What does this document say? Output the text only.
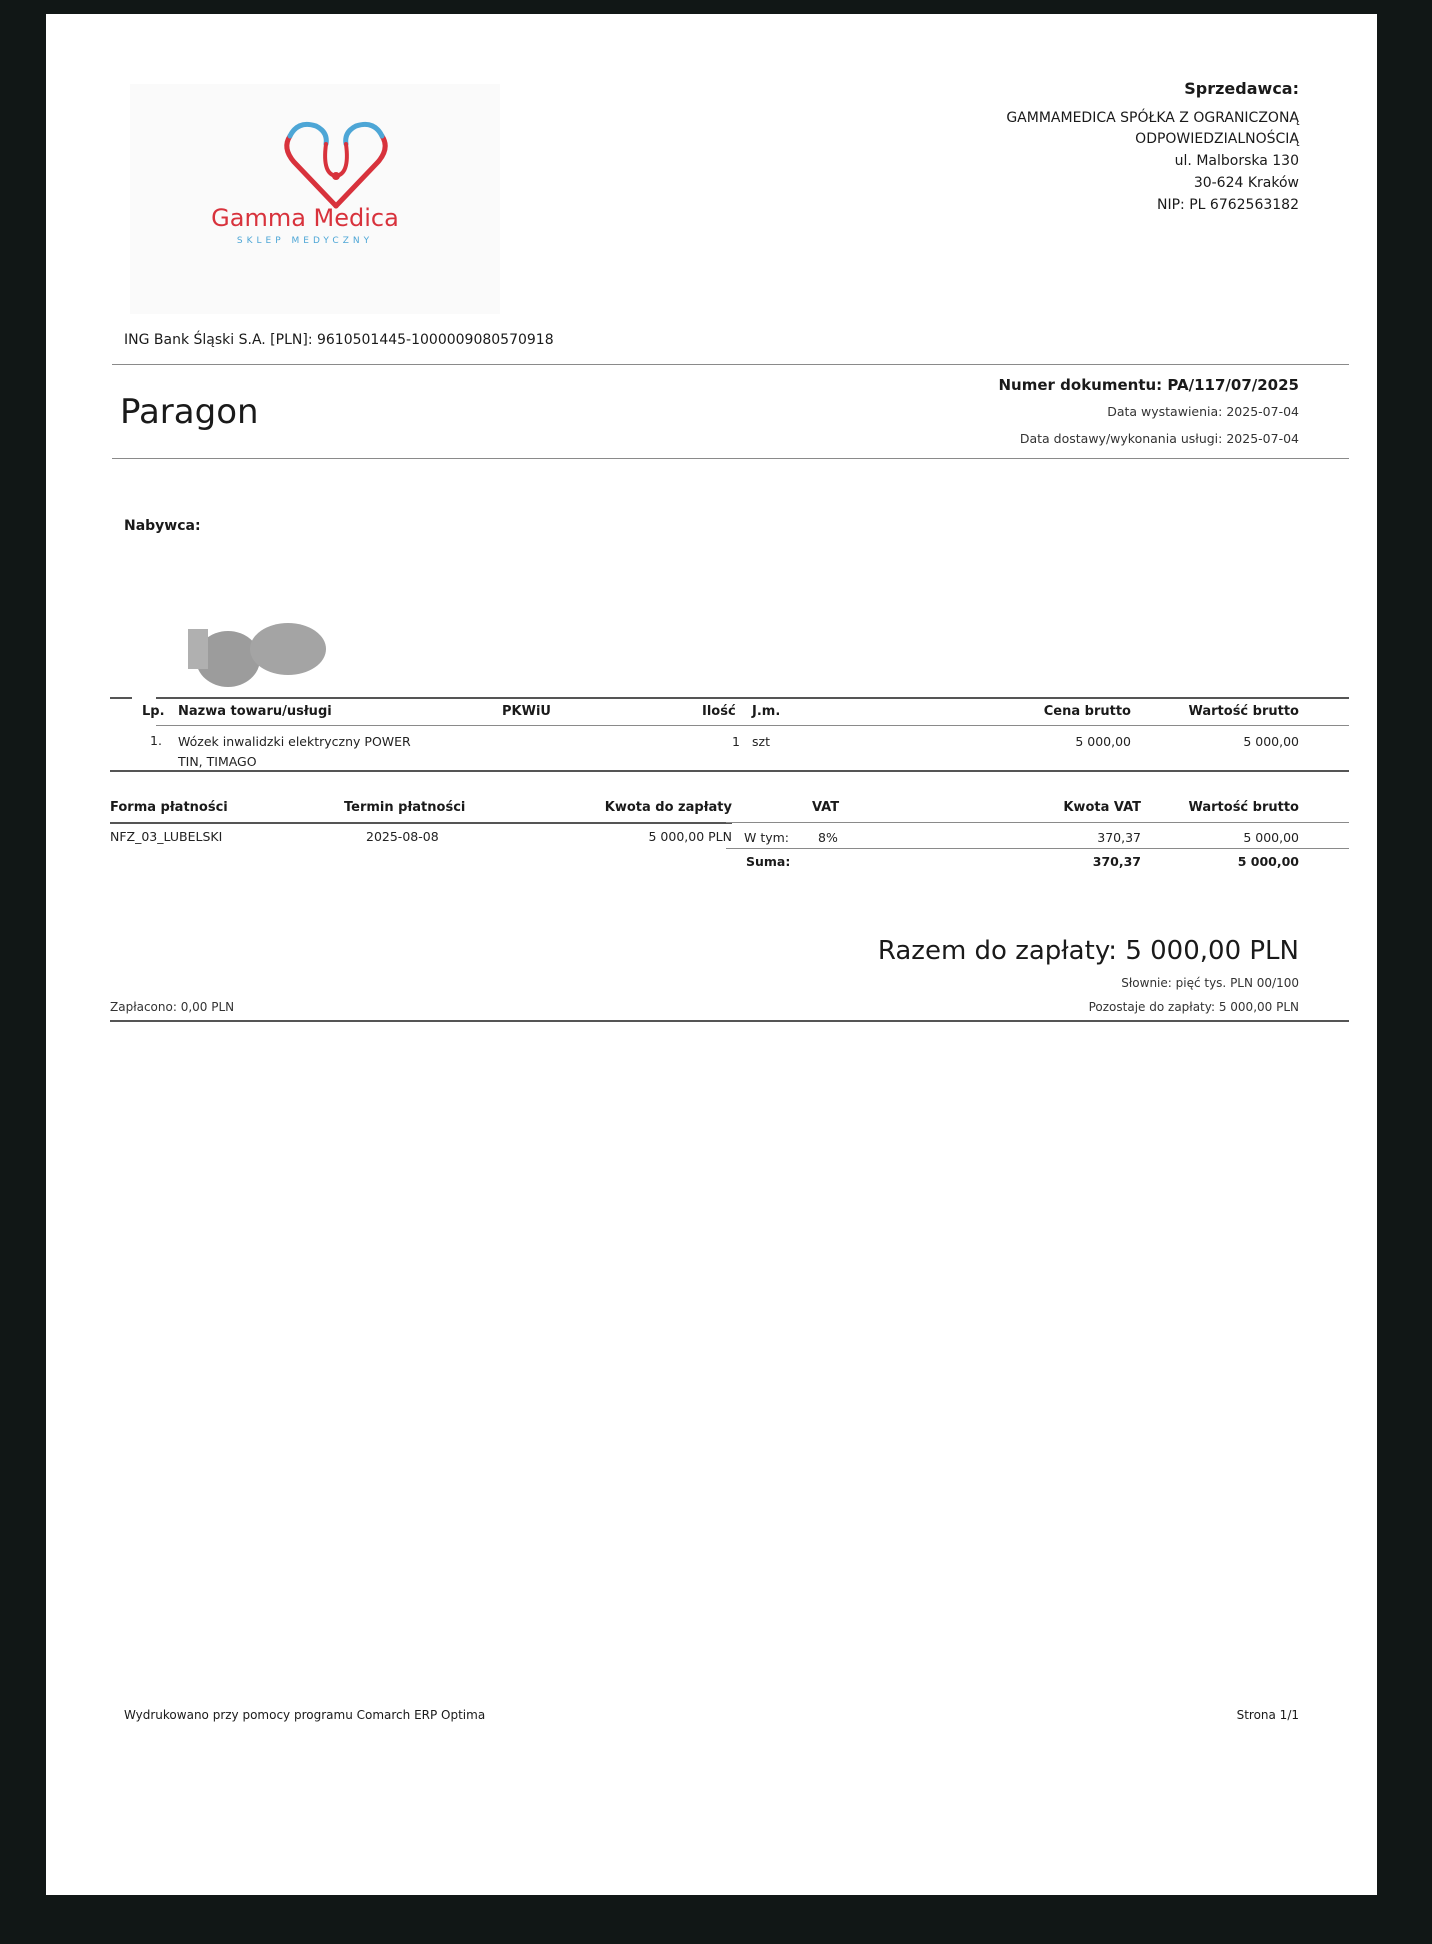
Gamma Medica
SKLEP MEDYCZNY
Sprzedawca:
GAMMAMEDICA SPÓŁKA Z OGRANICZONĄ
ODPOWIEDZIALNOŚCIĄ
ul. Malborska 130
30-624 Kraków
NIP: PL 6762563182
ING Bank Śląski S.A. [PLN]: 9610501445-1000009080570918
Paragon
Numer dokumentu: PA/117/07/2025
Data wystawienia: 2025-07-04
Data dostawy/wykonania usługi: 2025-07-04
Nabywca:
Lp. Nazwa towaru/usługi	PKWiU	Ilość J.m.	Cena brutto	Wartość brutto
1. Wózek inwalidzki elektryczny POWER
TIN, TIMAGO
1 szt	5 000,00	5 000,00
Forma płatności	Termin płatności	Kwota do zapłaty
NFZ_03_LUBELSKI	2025-08-08	5 000,00 PLN
VAT	Kwota VAT	Wartość brutto
W tym: 8%	370,37	5 000,00
Suma:	370,37	5 000,00
Razem do zapłaty: 5 000,00 PLN
Słownie: pięć tys. PLN 00/100
Zapłacono: 0,00 PLN	Pozostaje do zapłaty: 5 000,00 PLN
Wydrukowano przy pomocy programu Comarch ERP Optima	Strona 1/1
